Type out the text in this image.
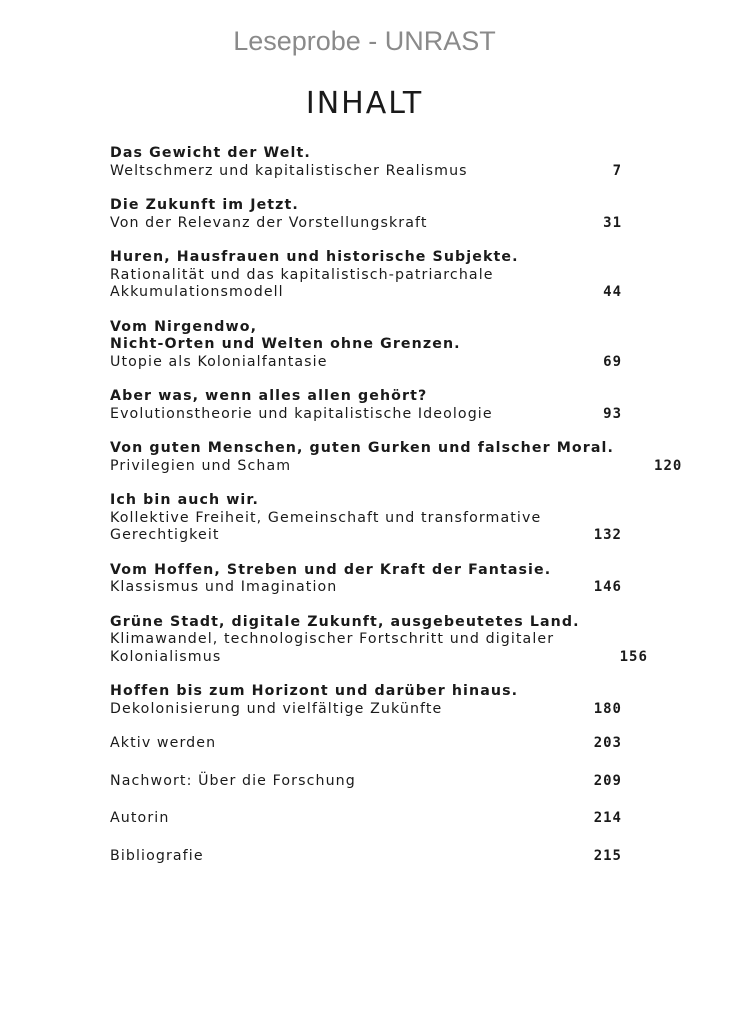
Leseprobe - UNRAST
INHALT
Das Gewicht der Welt.
Weltschmerz und kapitalistischer Realismus	7
Die Zukunft im Jetzt.
Von der Relevanz der Vorstellungskraft	31
Huren, Hausfrauen und historische Subjekte.
Rationalität und das kapitalistisch-patriarchale
Akkumulationsmodell	44
Vom Nirgendwo,
Nicht-Orten und Welten ohne Grenzen.
Utopie als Kolonialfantasie	69
Aber was, wenn alles allen gehört?
Evolutionstheorie und kapitalistische Ideologie	93
Von guten Menschen, guten Gurken und falscher Moral.
Privilegien und Scham	120
Ich bin auch wir.
Kollektive Freiheit, Gemeinschaft und transformative
Gerechtigkeit	132
Vom Hoffen, Streben und der Kraft der Fantasie.
Klassismus und Imagination	146
Grüne Stadt, digitale Zukunft, ausgebeutetes Land.
Klimawandel, technologischer Fortschritt und digitaler
Kolonialismus	156
Hoffen bis zum Horizont und darüber hinaus.
Dekolonisierung und vielfältige Zukünfte	180
Aktiv werden	203
Nachwort: Über die Forschung	209
Autorin	214
Bibliografie	215
